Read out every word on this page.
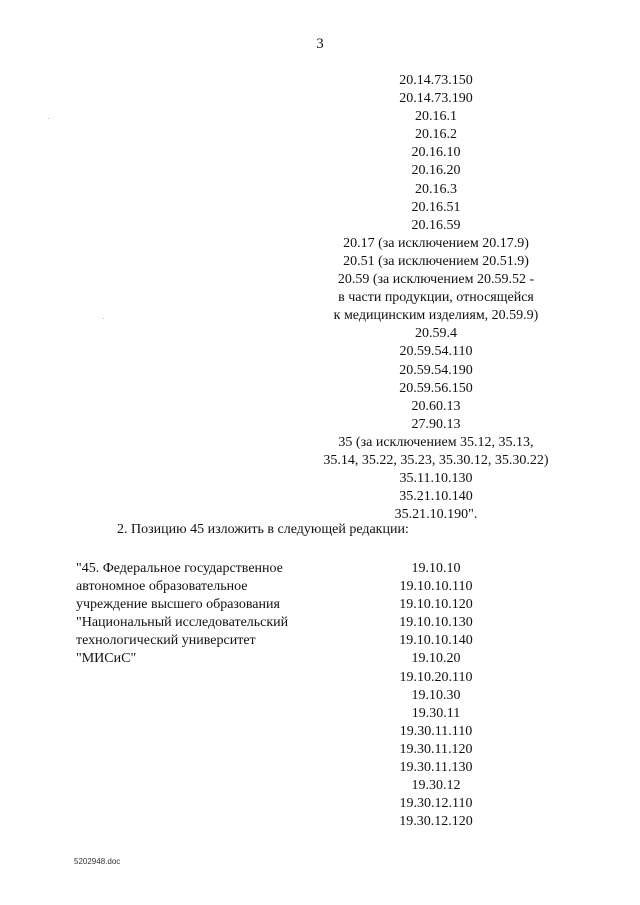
3
20.14.73.150
20.14.73.190
20.16.1
20.16.2
20.16.10
20.16.20
20.16.3
20.16.51
20.16.59
20.17 (за исключением 20.17.9)
20.51 (за исключением 20.51.9)
20.59 (за исключением 20.59.52 -
в части продукции, относящейся
к медицинским изделиям, 20.59.9)
20.59.4
20.59.54.110
20.59.54.190
20.59.56.150
20.60.13
27.90.13
35 (за исключением 35.12, 35.13,
35.14, 35.22, 35.23, 35.30.12, 35.30.22)
35.11.10.130
35.21.10.140
35.21.10.190".
2. Позицию 45 изложить в следующей редакции:
"45. Федеральное государственное
автономное образовательное
учреждение высшего образования
"Национальный исследовательский
технологический университет
"МИСиС"
19.10.10
19.10.10.110
19.10.10.120
19.10.10.130
19.10.10.140
19.10.20
19.10.20.110
19.10.30
19.30.11
19.30.11.110
19.30.11.120
19.30.11.130
19.30.12
19.30.12.110
19.30.12.120
5202948.doc
